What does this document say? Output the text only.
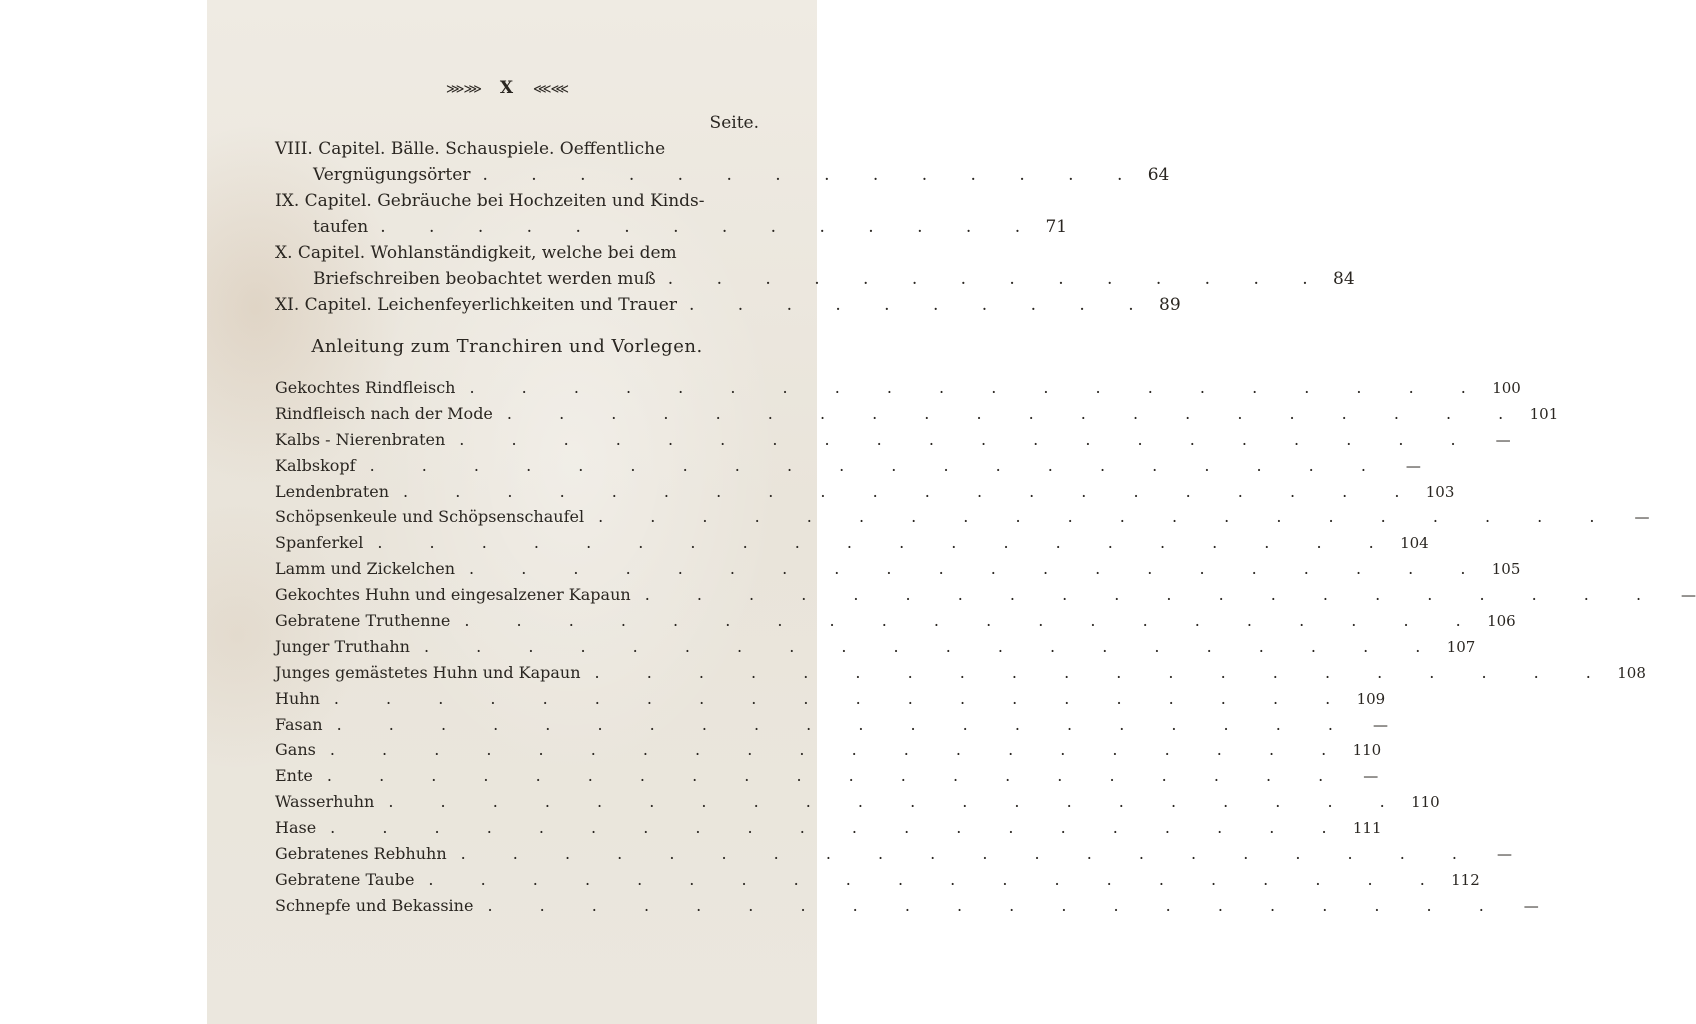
⋙⋙ X ⋘⋘
Seite.
VIII. Capitel. Bälle. Schauspiele. Oeffentliche
Vergnügungsörter . . . . . . . . . . . . . . 64
IX. Capitel. Gebräuche bei Hochzeiten und Kinds-
taufen . . . . . . . . . . . . . . 71
X. Capitel. Wohlanständigkeit, welche bei dem
Briefschreiben beobachtet werden muß . . . . . . . . . . . . . . 84
XI. Capitel. Leichenfeyerlichkeiten und Trauer . . . . . . . . . . 89
Anleitung zum Tranchiren und Vorlegen.
Gekochtes Rindfleisch . . . . . . . . . . . . . . . . . . . . 100
Rindfleisch nach der Mode . . . . . . . . . . . . . . . . . . . . 101
Kalbs - Nierenbraten . . . . . . . . . . . . . . . . . . . .	—
Kalbskopf . . . . . . . . . . . . . . . . . . . .	—
Lendenbraten . . . . . . . . . . . . . . . . . . . . 103
Schöpsenkeule und Schöpsenschaufel . . . . . . . . . . . . . . . . . . . .	—
Spanferkel . . . . . . . . . . . . . . . . . . . . 104
Lamm und Zickelchen . . . . . . . . . . . . . . . . . . . . 105
Gekochtes Huhn und eingesalzener Kapaun . . . . . . . . . . . . . . . . . . . .	—
Gebratene Truthenne . . . . . . . . . . . . . . . . . . . . 106
Junger Truthahn . . . . . . . . . . . . . . . . . . . . 107
Junges gemästetes Huhn und Kapaun . . . . . . . . . . . . . . . . . . . . 108
Huhn . . . . . . . . . . . . . . . . . . . . 109
Fasan . . . . . . . . . . . . . . . . . . . .	—
Gans . . . . . . . . . . . . . . . . . . . . 110
Ente . . . . . . . . . . . . . . . . . . . .	—
Wasserhuhn . . . . . . . . . . . . . . . . . . . . 110
Hase . . . . . . . . . . . . . . . . . . . . 111
Gebratenes Rebhuhn . . . . . . . . . . . . . . . . . . . .	—
Gebratene Taube . . . . . . . . . . . . . . . . . . . . 112
Schnepfe und Bekassine . . . . . . . . . . . . . . . . . . . .	—
